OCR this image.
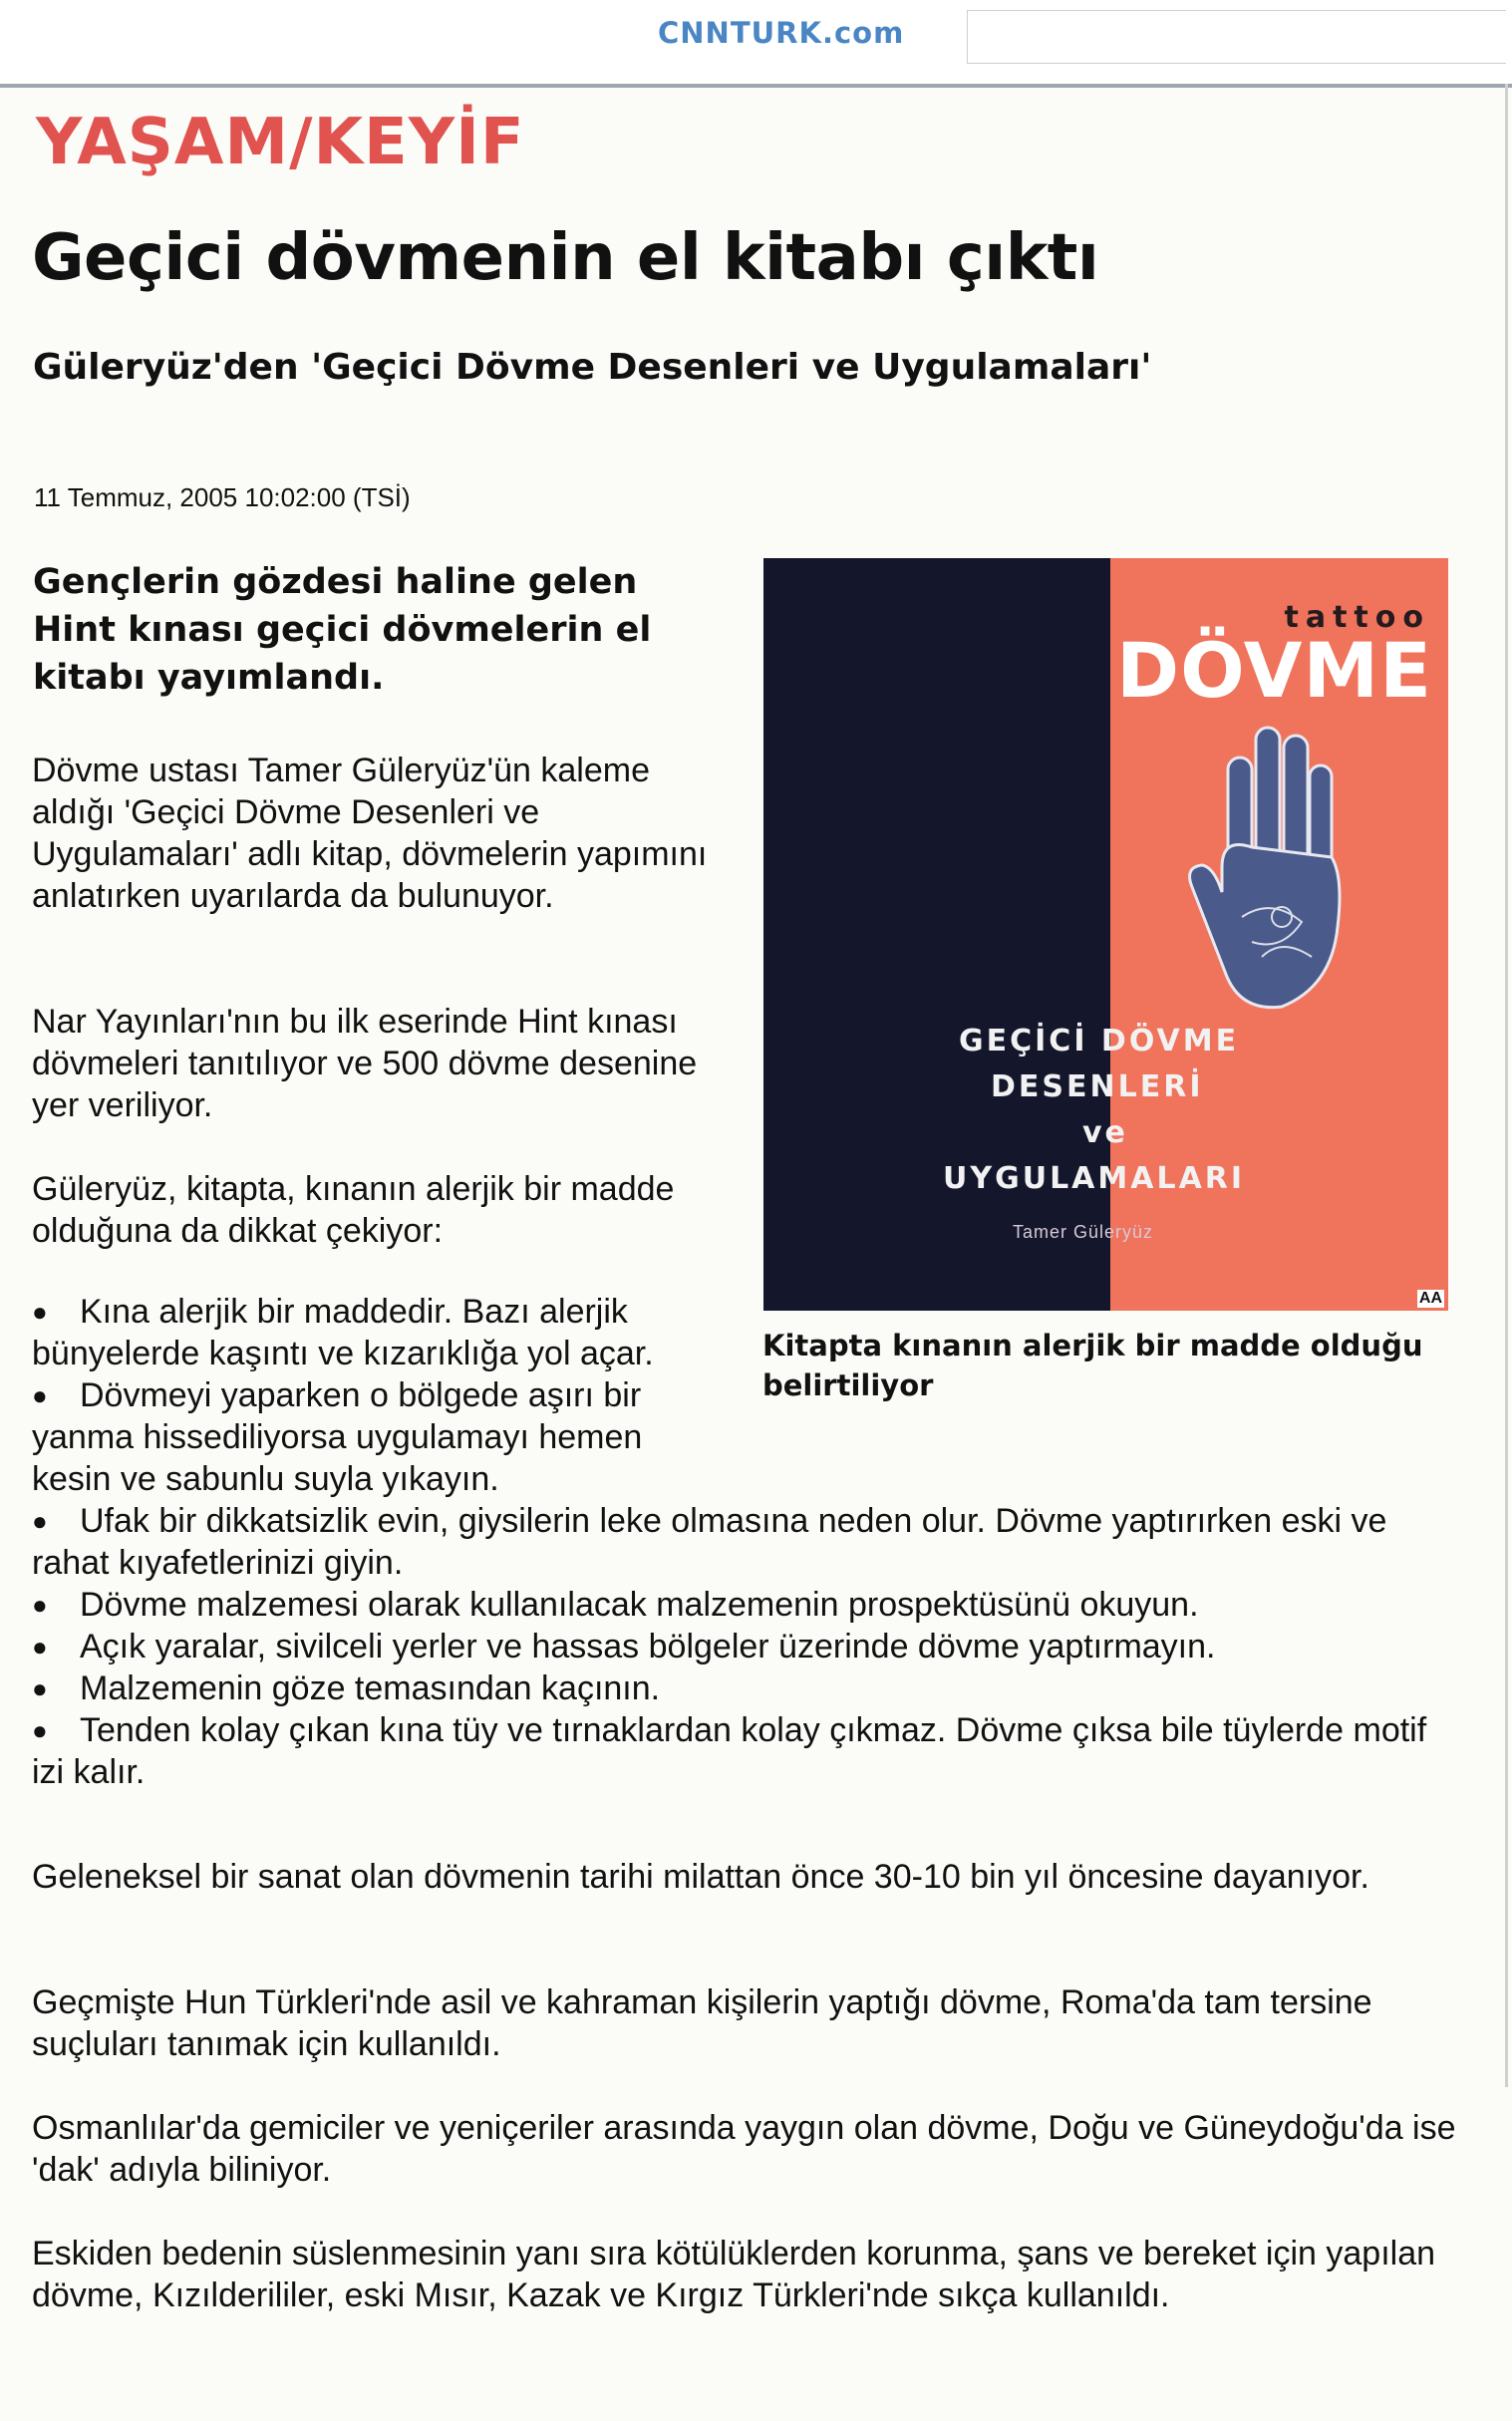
CNNTURK.com
YAŞAM/KEYİF
Geçici dövmenin el kitabı çıktı
Güleryüz'den 'Geçici Dövme Desenleri ve Uygulamaları'
11 Temmuz, 2005 10:02:00 (TSİ)
Gençlerin gözdesi haline gelen Hint kınası geçici dövmelerin el kitabı yayımlandı.

Dövme ustası Tamer Güleryüz'ün kaleme aldığı 'Geçici Dövme Desenleri ve Uygulamaları' adlı kitap, dövmelerin yapımını anlatırken uyarılarda da bulunuyor.

Nar Yayınları'nın bu ilk eserinde Hint kınası dövmeleri tanıtılıyor ve 500 dövme desenine yer veriliyor.

Güleryüz, kitapta, kınanın alerjik bir madde olduğuna da dikkat çekiyor:

● Kına alerjik bir maddedir. Bazı alerjik bünyelerde kaşıntı ve kızarıklığa yol açar.
● Dövmeyi yaparken o bölgede aşırı bir yanma hissediliyorsa uygulamayı hemen kesin ve sabunlu suyla yıkayın.
● Ufak bir dikkatsizlik evin, giysilerin leke olmasına neden olur. Dövme yaptırırken eski ve rahat kıyafetlerinizi giyin.
● Dövme malzemesi olarak kullanılacak malzemenin prospektüsünü okuyun.
● Açık yaralar, sivilceli yerler ve hassas bölgeler üzerinde dövme yaptırmayın.
● Malzemenin göze temasından kaçının.
● Tenden kolay çıkan kına tüy ve tırnaklardan kolay çıkmaz. Dövme çıksa bile tüylerde motif izi kalır.

Geleneksel bir sanat olan dövmenin tarihi milattan önce 30-10 bin yıl öncesine dayanıyor.

Geçmişte Hun Türkleri'nde asil ve kahraman kişilerin yaptığı dövme, Roma'da tam tersine suçluları tanımak için kullanıldı.

Osmanlılar'da gemiciler ve yeniçeriler arasında yaygın olan dövme, Doğu ve Güneydoğu'da ise 'dak' adıyla biliniyor.

Eskiden bedenin süslenmesinin yanı sıra kötülüklerden korunma, şans ve bereket için yapılan dövme, Kızılderililer, eski Mısır, Kazak ve Kırgız Türkleri'nde sıkça kullanıldı.

tattoo
DÖVME
GEÇİCİ DÖVME
DESENLERİ
ve
UYGULAMALARI
Tamer Güleryüz
AA
Kitapta kınanın alerjik bir madde olduğu belirtiliyor
